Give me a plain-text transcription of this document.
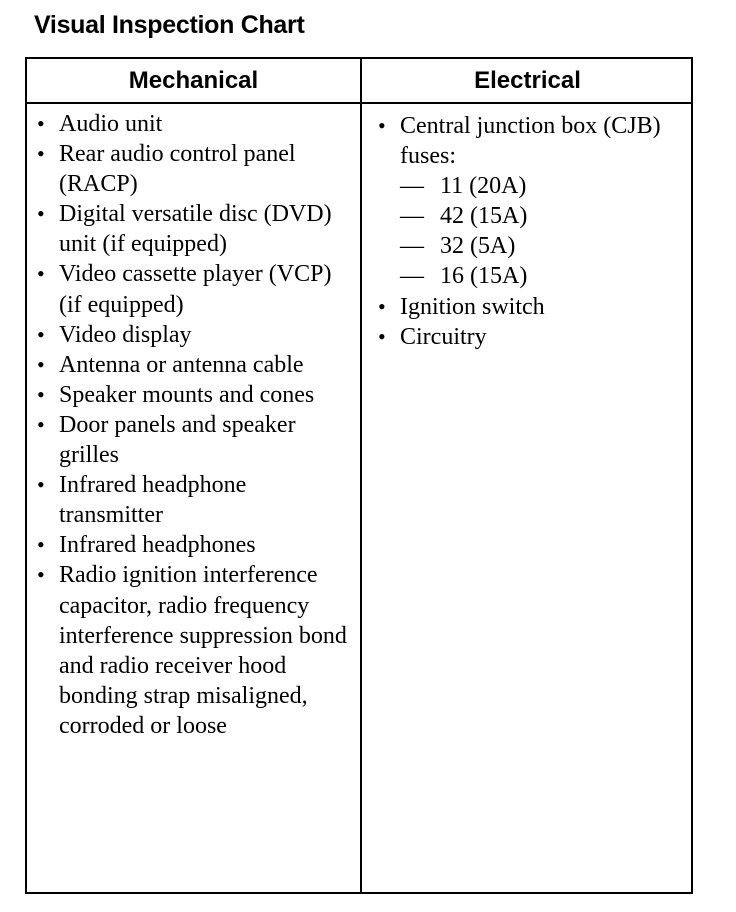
Visual Inspection Chart
Mechanical	Electrical
• Audio unit
• Rear audio control panel (RACP)
• Digital versatile disc (DVD) unit (if equipped)
• Video cassette player (VCP) (if equipped)
• Video display
• Antenna or antenna cable
• Speaker mounts and cones
• Door panels and speaker grilles
• Infrared headphone transmitter
• Infrared headphones
• Radio ignition interference capacitor, radio frequency interference suppression bond and radio receiver hood bonding strap misaligned, corroded or loose
• Central junction box (CJB) fuses:
— 11 (20A)
— 42 (15A)
— 32 (5A)
— 16 (15A)
• Ignition switch
• Circuitry
